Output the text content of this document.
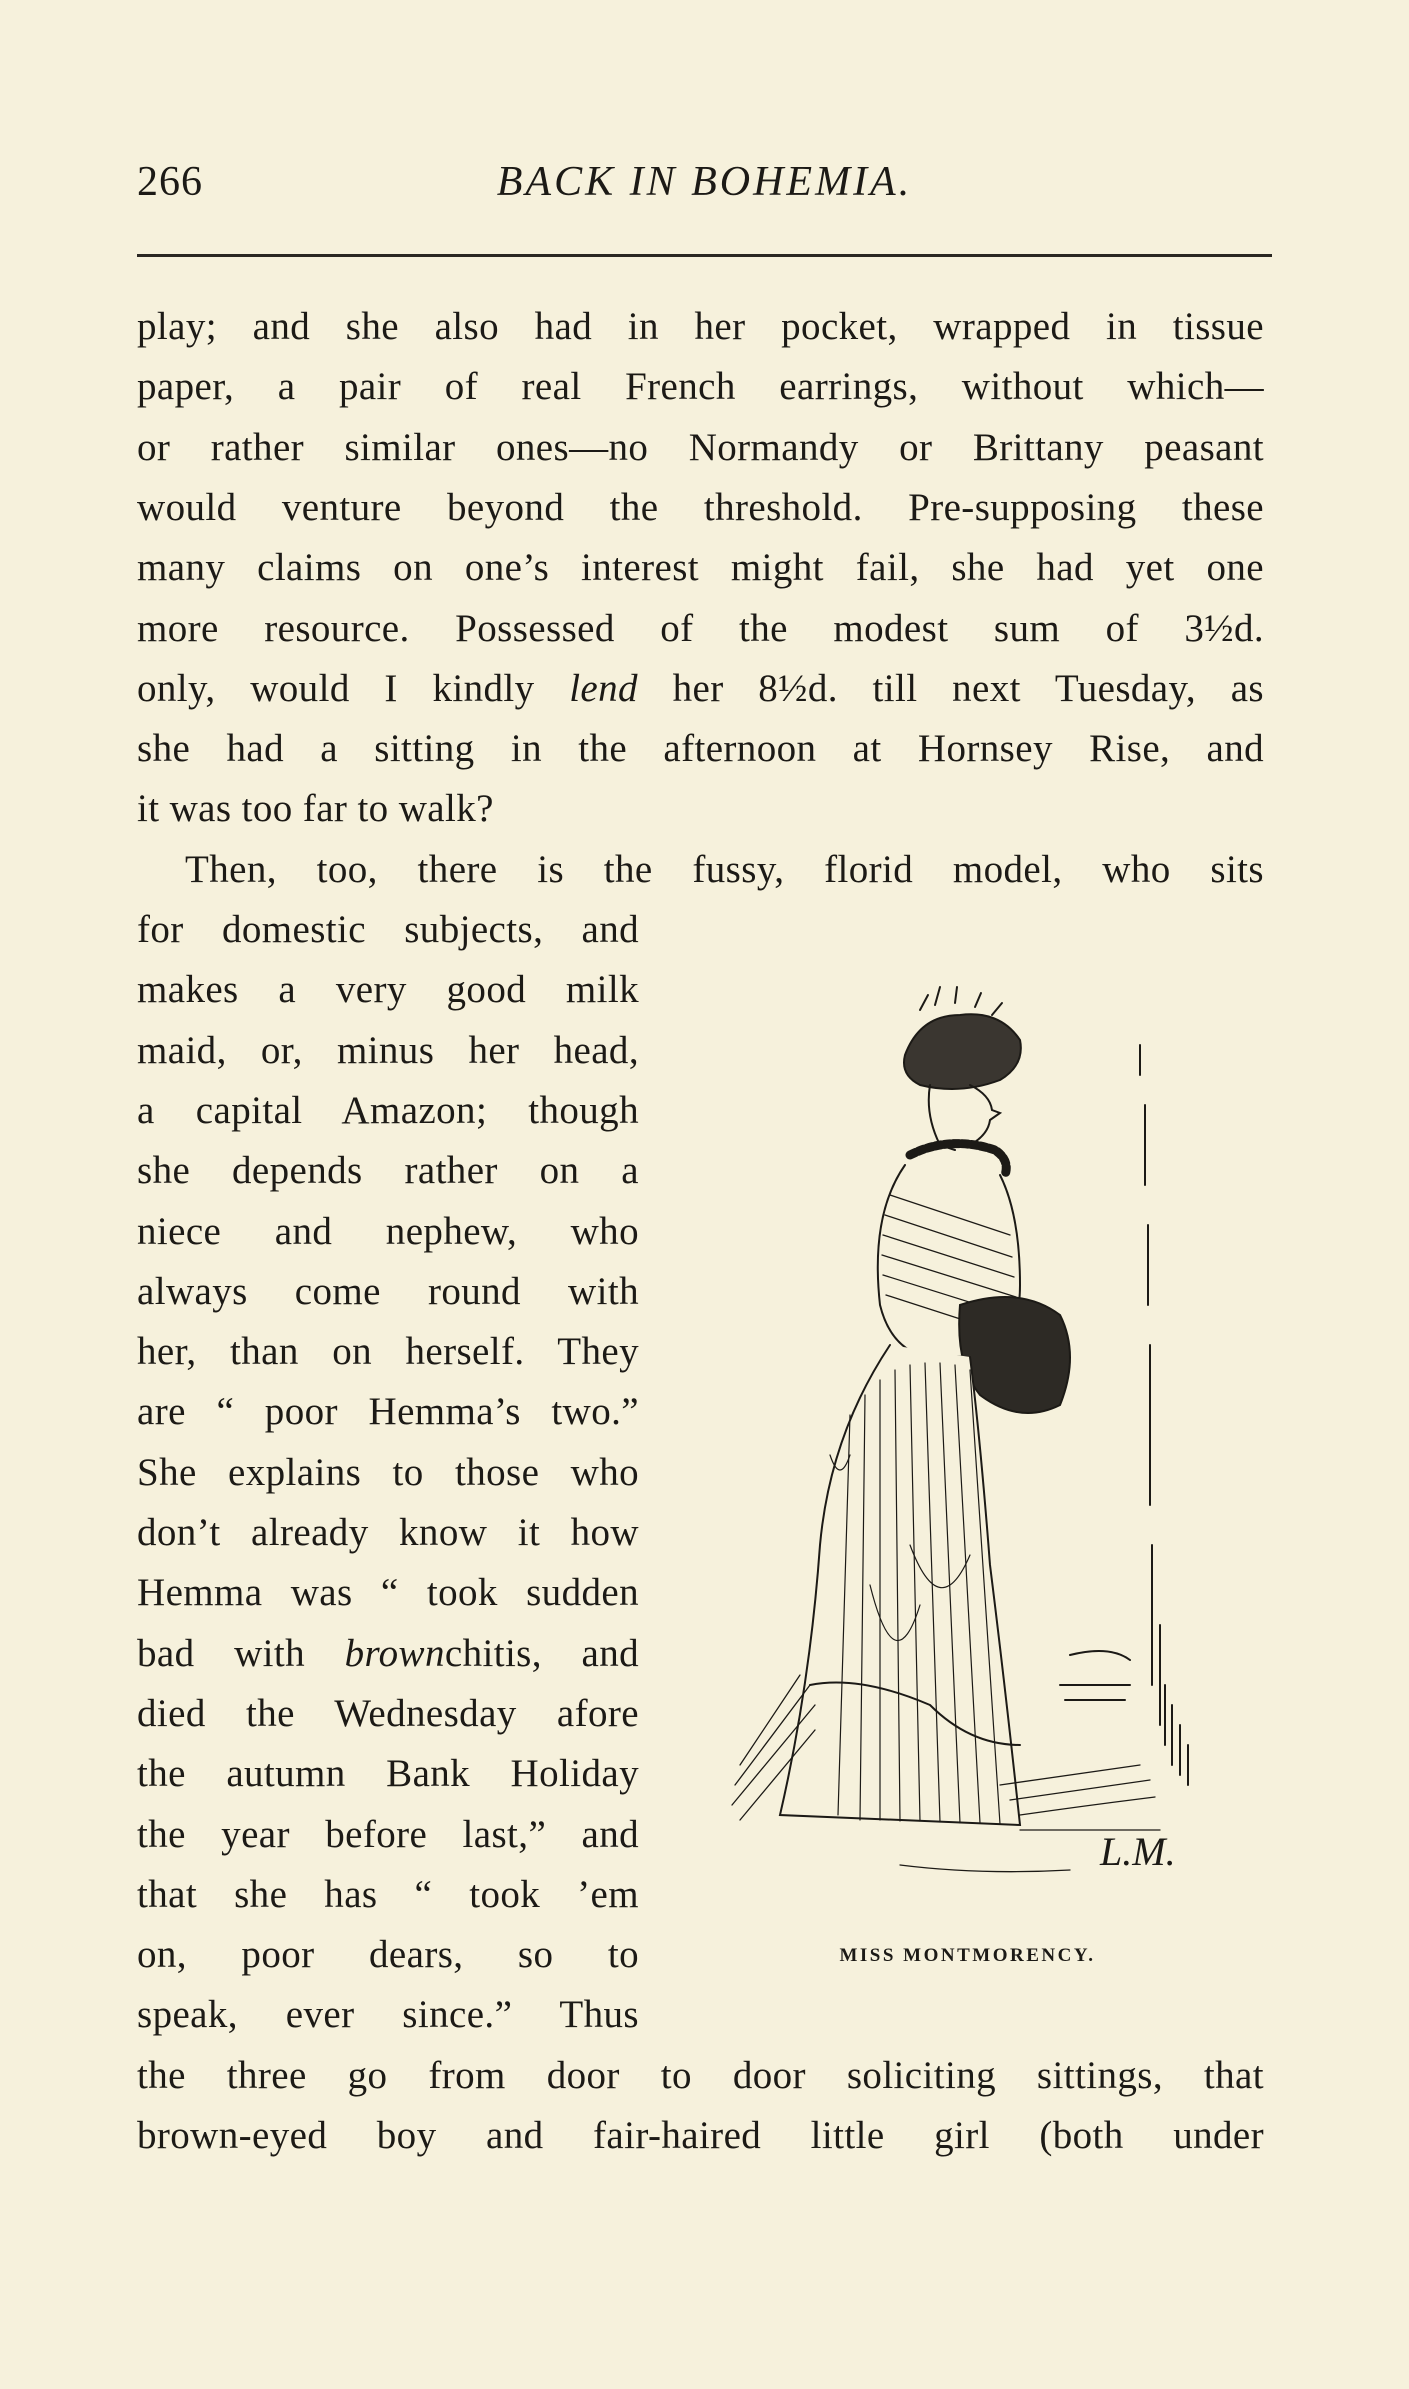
266	BACK IN BOHEMIA.
play; and she also had in her pocket, wrapped in tissue
paper, a pair of real French earrings, without which—
or rather similar ones—no Normandy or Brittany peasant
would venture beyond the threshold. Pre-supposing these
many claims on one’s interest might fail, she had yet one
more resource. Possessed of the modest sum of 3½d.
only, would I kindly lend her 8½d. till next Tuesday, as
she had a sitting in the afternoon at Hornsey Rise, and
it was too far to walk?
Then, too, there is the fussy, florid model, who sits
for domestic subjects, and
makes a very good milk
maid, or, minus her head,
a capital Amazon; though
she depends rather on a
niece and nephew, who
always come round with
her, than on herself. They
are “ poor Hemma’s two.”
She explains to those who
don’t already know it how
Hemma was “ took sudden
bad with brownchitis, and
died the Wednesday afore
the autumn Bank Holiday
the year before last,” and
that she has “ took ’em
on, poor dears, so to
speak, ever since.” Thus
the three go from door to door soliciting sittings, that
brown-eyed boy and fair-haired little girl (both under
L.M.
MISS MONTMORENCY.
